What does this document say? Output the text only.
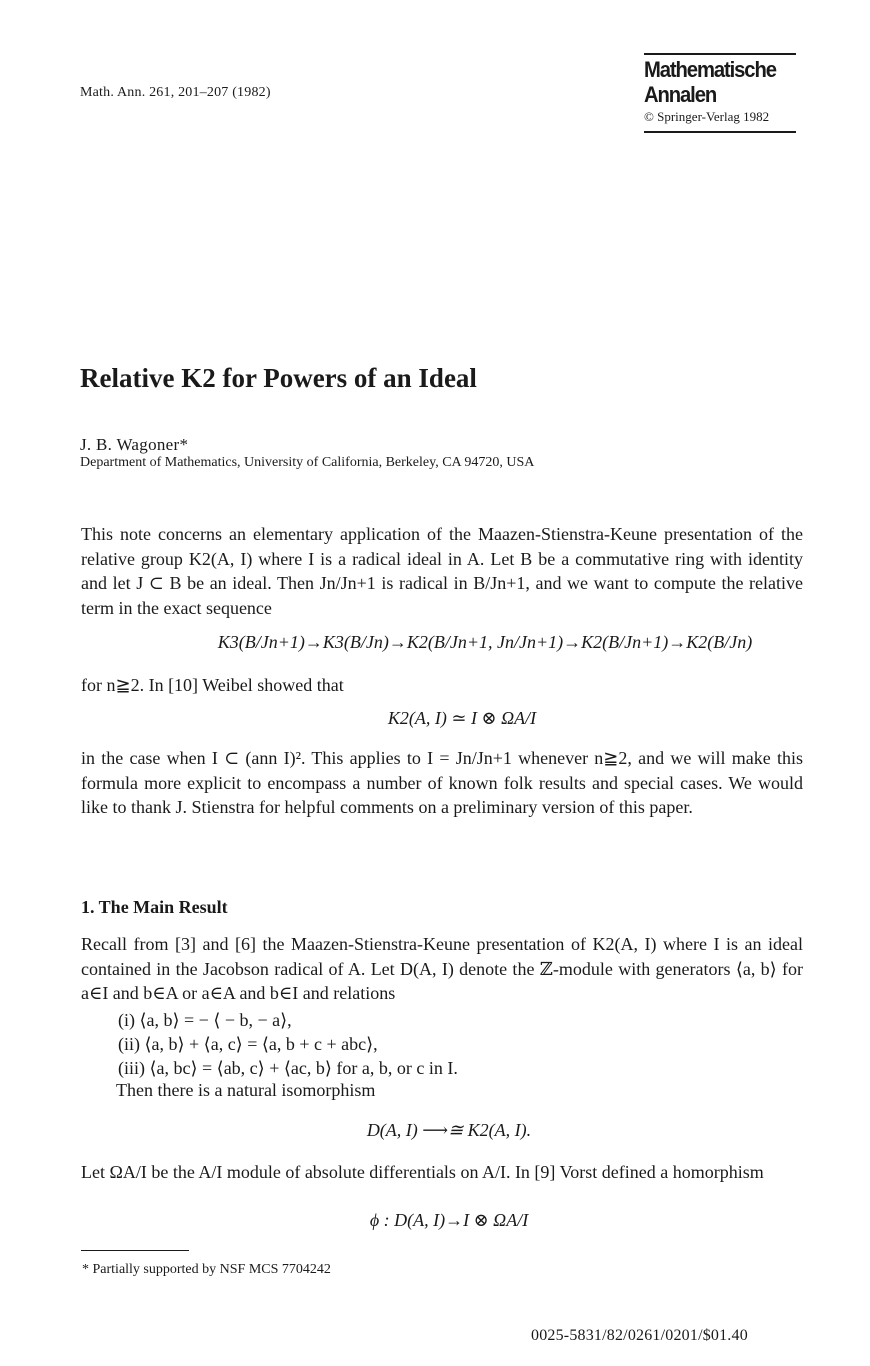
Math. Ann. 261, 201–207 (1982)
Mathematische
Annalen
© Springer-Verlag 1982
Relative K2 for Powers of an Ideal
J. B. Wagoner*
Department of Mathematics, University of California, Berkeley, CA 94720, USA
This note concerns an elementary application of the Maazen-Stienstra-Keune presentation of the relative group K2(A, I) where I is a radical ideal in A. Let B be a commutative ring with identity and let J ⊂ B be an ideal. Then Jn/Jn+1 is radical in B/Jn+1, and we want to compute the relative term in the exact sequence
K3(B/Jn+1)→K3(B/Jn)→K2(B/Jn+1, Jn/Jn+1)→K2(B/Jn+1)→K2(B/Jn)
for n≧2. In [10] Weibel showed that
K2(A, I) ≃ I ⊗ ΩA/I
in the case when I ⊂ (ann I)². This applies to I = Jn/Jn+1 whenever n≧2, and we will make this formula more explicit to encompass a number of known folk results and special cases. We would like to thank J. Stienstra for helpful comments on a preliminary version of this paper.
1. The Main Result
Recall from [3] and [6] the Maazen-Stienstra-Keune presentation of K2(A, I) where I is an ideal contained in the Jacobson radical of A. Let D(A, I) denote the ℤ-module with generators ⟨a, b⟩ for a∈I and b∈A or a∈A and b∈I and relations
(i) ⟨a, b⟩ = − ⟨ − b, − a⟩,
(ii) ⟨a, b⟩ + ⟨a, c⟩ = ⟨a, b + c + abc⟩,
(iii) ⟨a, bc⟩ = ⟨ab, c⟩ + ⟨ac, b⟩ for a, b, or c in I.
Then there is a natural isomorphism
D(A, I) ⟶≅ K2(A, I).
Let ΩA/I be the A/I module of absolute differentials on A/I. In [9] Vorst defined a homorphism
ϕ : D(A, I)→I ⊗ ΩA/I
* Partially supported by NSF MCS 7704242
0025-5831/82/0261/0201/$01.40
